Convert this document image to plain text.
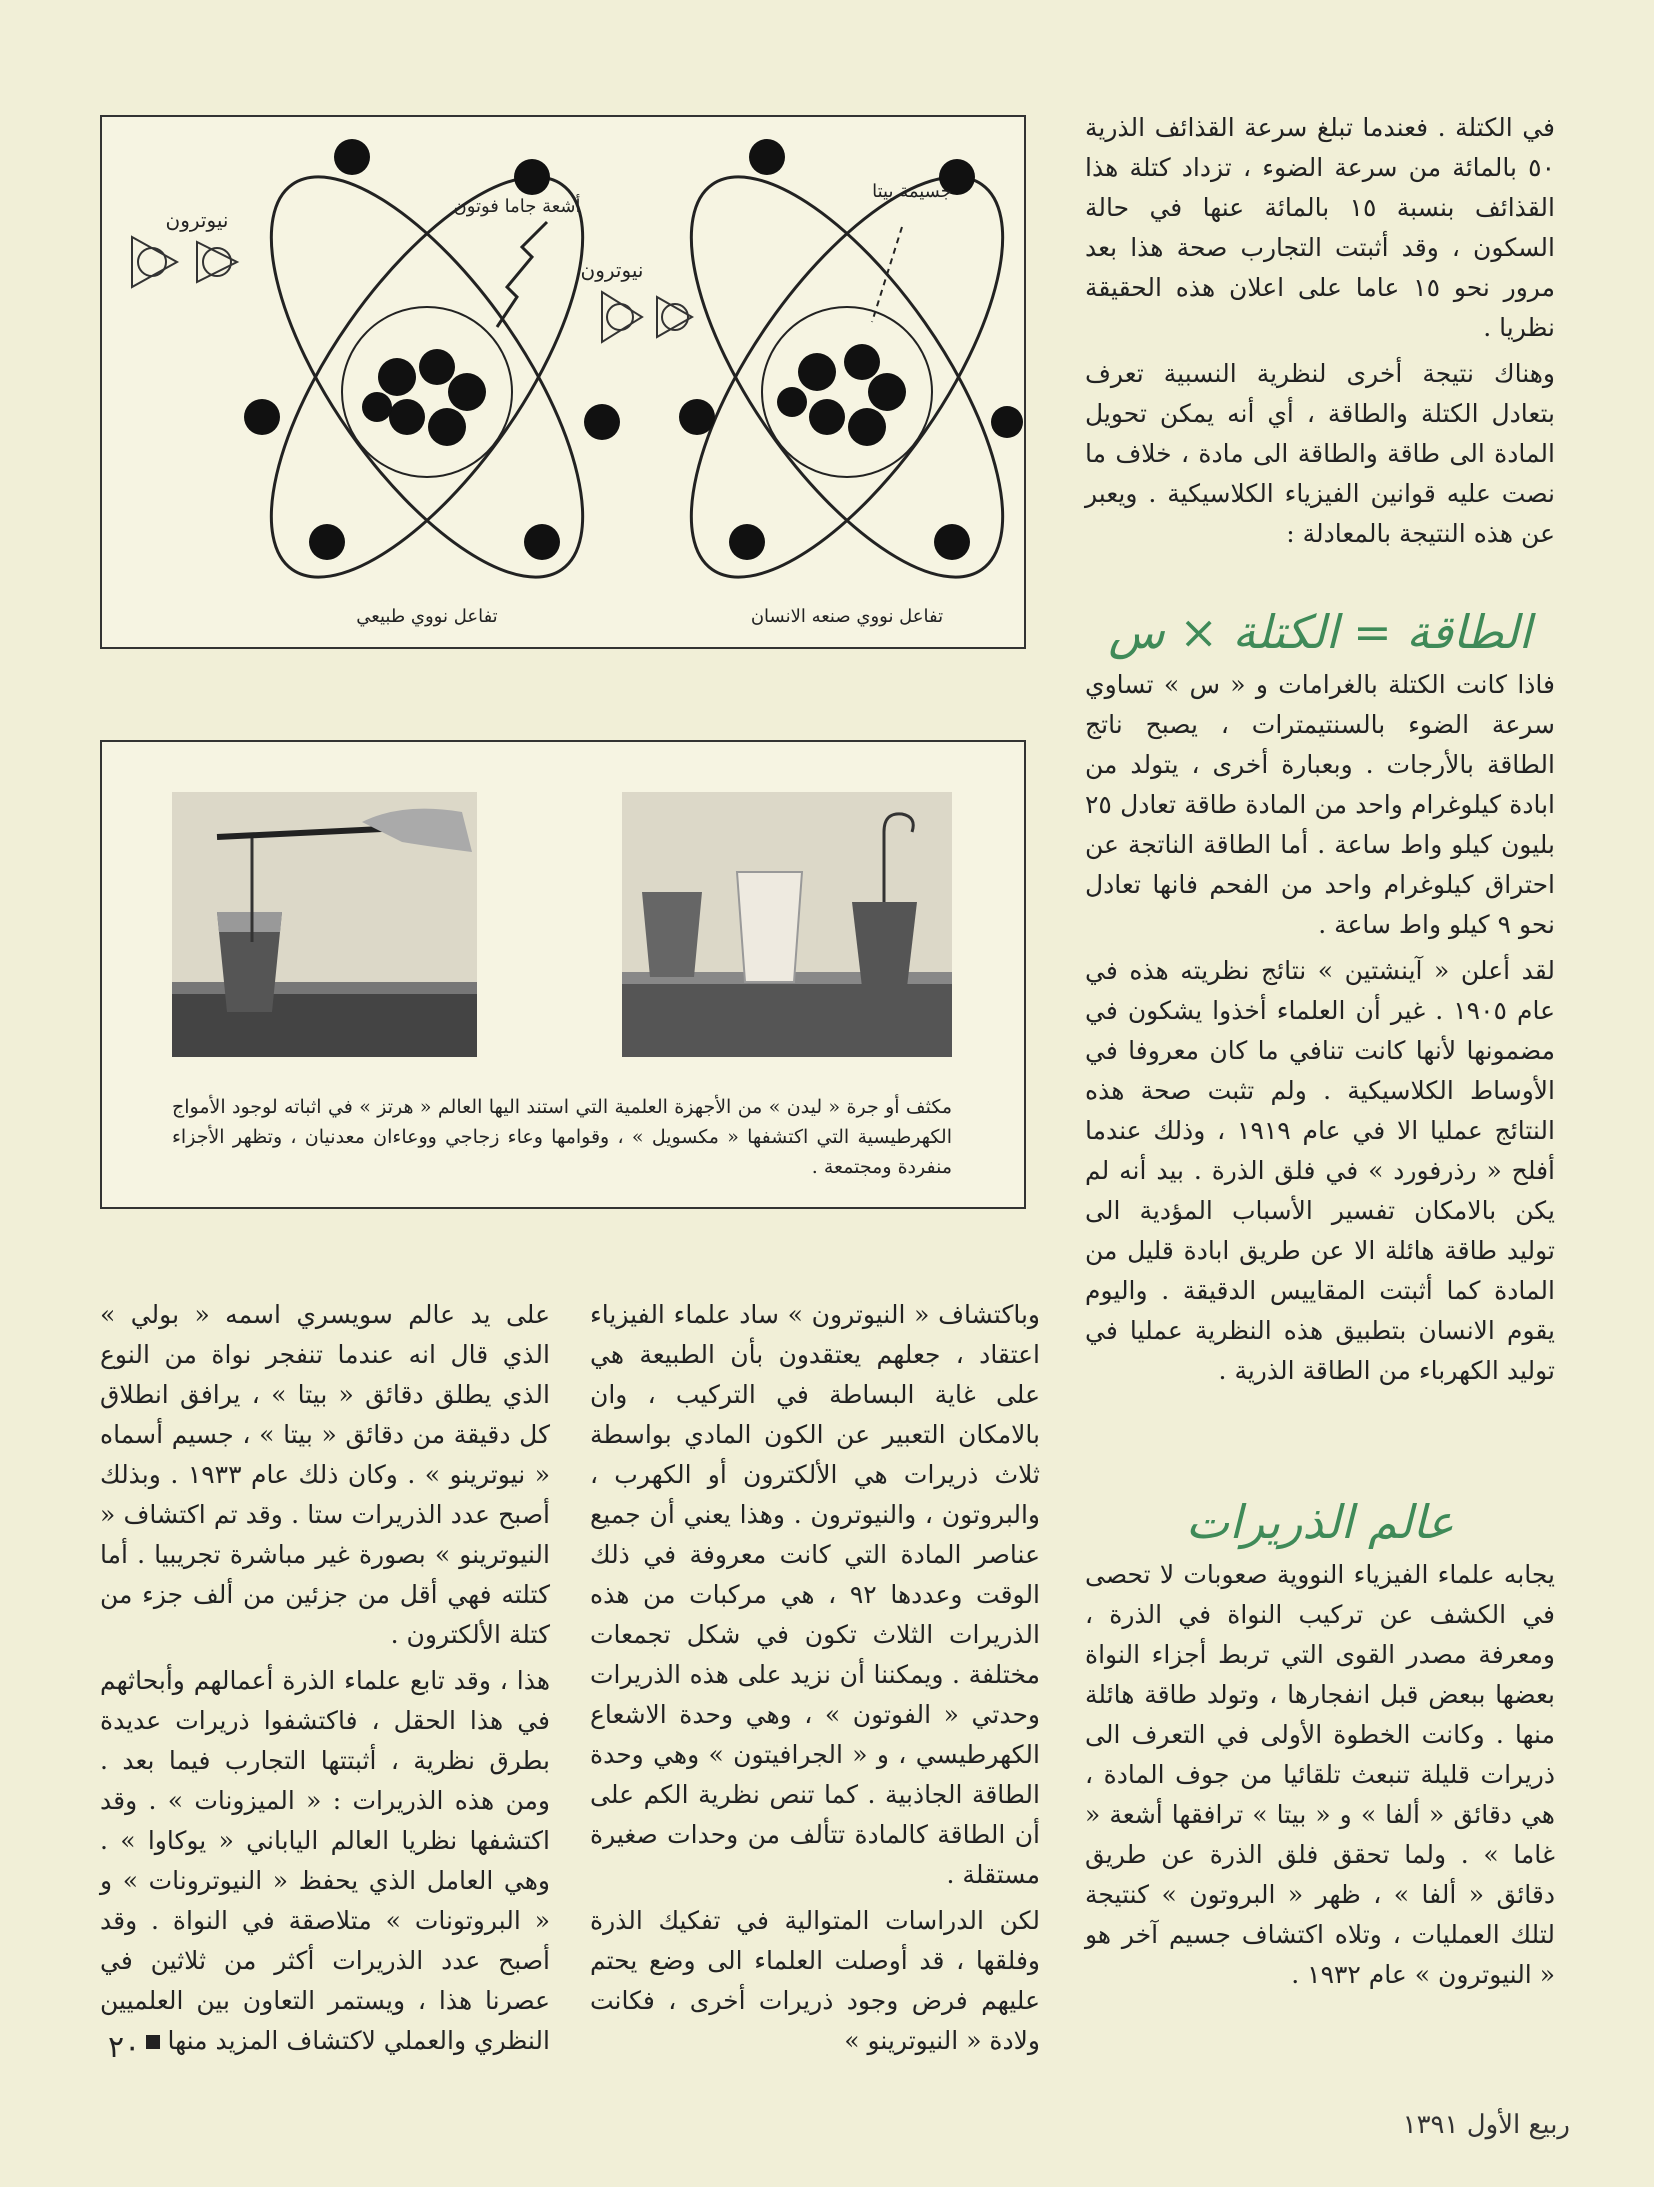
في الكتلة . فعندما تبلغ سرعة القذائف الذرية ٥٠ بالمائة من سرعة الضوء ، تزداد كتلة هذا القذائف بنسبة ١٥ بالمائة عنها في حالة السكون ، وقد أثبتت التجارب صحة هذا بعد مرور نحو ١٥ عاما على اعلان هذه الحقيقة نظريا .

وهناك نتيجة أخرى لنظرية النسبية تعرف بتعادل الكتلة والطاقة ، أي أنه يمكن تحويل المادة الى طاقة والطاقة الى مادة ، خلاف ما نصت عليه قوانين الفيزياء الكلاسيكية . ويعبر عن هذه النتيجة بالمعادلة :

الطاقة = الكتلة × س

فاذا كانت الكتلة بالغرامات و « س » تساوي سرعة الضوء بالسنتيمترات ، يصبح ناتج الطاقة بالأرجات . وبعبارة أخرى ، يتولد من ابادة كيلوغرام واحد من المادة طاقة تعادل ٢٥ بليون كيلو واط ساعة . أما الطاقة الناتجة عن احتراق كيلوغرام واحد من الفحم فانها تعادل نحو ٩ كيلو واط ساعة .

لقد أعلن « آينشتين » نتائج نظريته هذه في عام ١٩٠٥ . غير أن العلماء أخذوا يشكون في مضمونها لأنها كانت تنافي ما كان معروفا في الأوساط الكلاسيكية . ولم تثبت صحة هذه النتائج عمليا الا في عام ١٩١٩ ، وذلك عندما أفلح « رذرفورد » في فلق الذرة . بيد أنه لم يكن بالامكان تفسير الأسباب المؤدية الى توليد طاقة هائلة الا عن طريق ابادة قليل من المادة كما أثبتت المقاييس الدقيقة . واليوم يقوم الانسان بتطبيق هذه النظرية عمليا في توليد الكهرباء من الطاقة الذرية .

عالم الذريرات

يجابه علماء الفيزياء النووية صعوبات لا تحصى في الكشف عن تركيب النواة في الذرة ، ومعرفة مصدر القوى التي تربط أجزاء النواة بعضها ببعض قبل انفجارها ، وتولد طاقة هائلة منها . وكانت الخطوة الأولى في التعرف الى ذريرات قليلة تنبعث تلقائيا من جوف المادة ، هي دقائق « ألفا » و « بيتا » ترافقها أشعة « غاما » . ولما تحقق فلق الذرة عن طريق دقائق « ألفا » ، ظهر « البروتون » كنتيجة لتلك العمليات ، وتلاه اكتشاف جسيم آخر هو « النيوترون » عام ١٩٣٢ .

نيوترون
أشعة جاما فوتون
تفاعل نووي طبيعي
نيوترون
جسيمة بيتا
تفاعل نووي صنعه الانسان
مكثف أو جرة « ليدن » من الأجهزة العلمية التي استند اليها العالم « هرتز » في اثباته لوجود الأمواج الكهرطيسية التي اكتشفها « مكسويل » ، وقوامها وعاء زجاجي ووعاءان معدنيان ، وتظهر الأجزاء منفردة ومجتمعة .

وباكتشاف « النيوترون » ساد علماء الفيزياء اعتقاد ، جعلهم يعتقدون بأن الطبيعة هي على غاية البساطة في التركيب ، وان بالامكان التعبير عن الكون المادي بواسطة ثلاث ذريرات هي الألكترون أو الكهرب ، والبروتون ، والنيوترون . وهذا يعني أن جميع عناصر المادة التي كانت معروفة في ذلك الوقت وعددها ٩٢ ، هي مركبات من هذه الذريرات الثلاث تكون في شكل تجمعات مختلفة . ويمكننا أن نزيد على هذه الذريرات وحدتي « الفوتون » ، وهي وحدة الاشعاع الكهرطيسي ، و « الجرافيتون » وهي وحدة الطاقة الجاذبية . كما تنص نظرية الكم على أن الطاقة كالمادة تتألف من وحدات صغيرة مستقلة .

لكن الدراسات المتوالية في تفكيك الذرة وفلقها ، قد أوصلت العلماء الى وضع يحتم عليهم فرض وجود ذريرات أخرى ، فكانت ولادة « النيوترينو »

على يد عالم سويسري اسمه « بولي » الذي قال انه عندما تنفجر نواة من النوع الذي يطلق دقائق « بيتا » ، يرافق انطلاق كل دقيقة من دقائق « بيتا » ، جسيم أسماه « نيوترينو » . وكان ذلك عام ١٩٣٣ . وبذلك أصبح عدد الذريرات ستا . وقد تم اكتشاف « النيوترينو » بصورة غير مباشرة تجريبيا . أما كتلته فهي أقل من جزئين من ألف جزء من كتلة الألكترون .

هذا ، وقد تابع علماء الذرة أعمالهم وأبحاثهم في هذا الحقل ، فاكتشفوا ذريرات عديدة بطرق نظرية ، أثبتتها التجارب فيما بعد . ومن هذه الذريرات : « الميزونات » . وقد اكتشفها نظريا العالم الياباني « يوكاوا » . وهي العامل الذي يحفظ « النيوترونات » و « البروتونات » متلاصقة في النواة . وقد أصبح عدد الذريرات أكثر من ثلاثين في عصرنا هذا ، ويستمر التعاون بين العلميين النظري والعملي لاكتشاف المزيد منها

٢٠
ربيع الأول ١٣٩١
